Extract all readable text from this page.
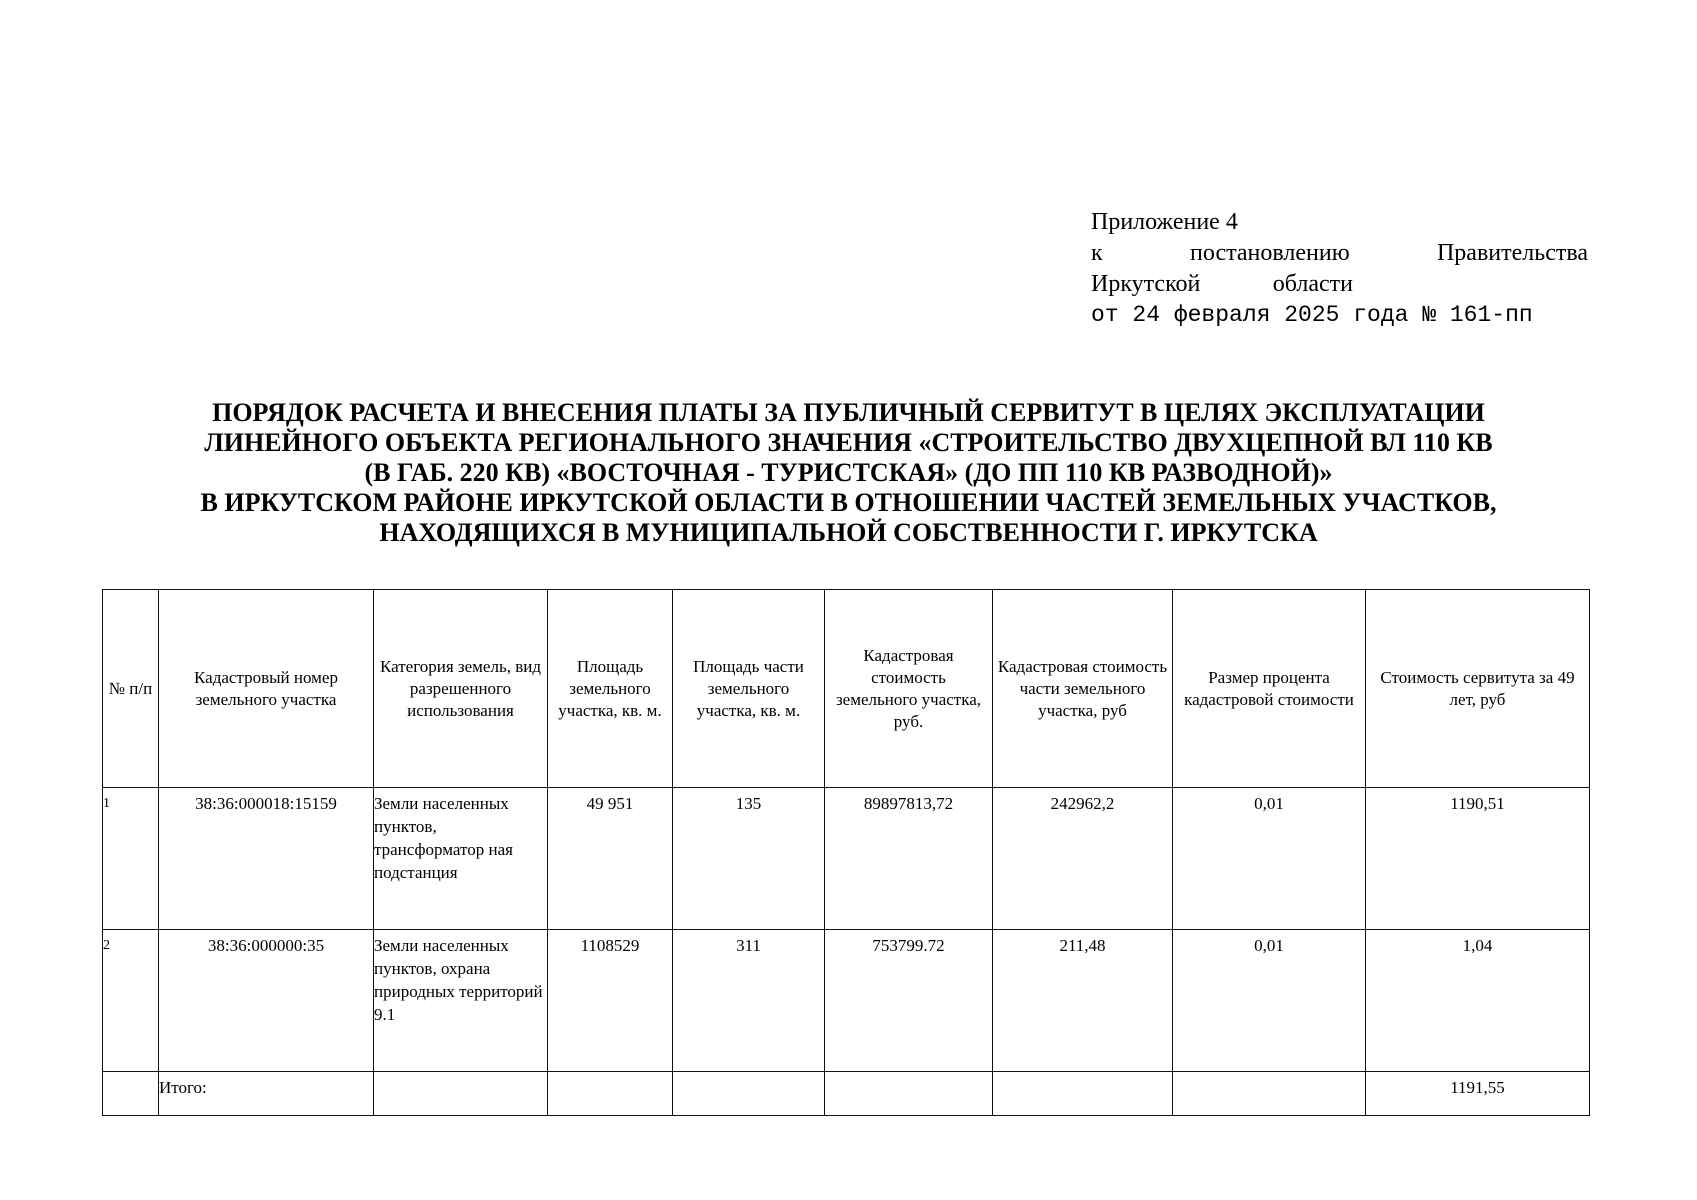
Приложение 4
к постановлению Правительства
Иркутской области
от 24 февраля 2025 года № 161-пп
ПОРЯДОК РАСЧЕТА И ВНЕСЕНИЯ ПЛАТЫ ЗА ПУБЛИЧНЫЙ СЕРВИТУТ В ЦЕЛЯХ ЭКСПЛУАТАЦИИ
ЛИНЕЙНОГО ОБЪЕКТА РЕГИОНАЛЬНОГО ЗНАЧЕНИЯ «СТРОИТЕЛЬСТВО ДВУХЦЕПНОЙ ВЛ 110 КВ
(В ГАБ. 220 КВ) «ВОСТОЧНАЯ - ТУРИСТСКАЯ» (ДО ПП 110 КВ РАЗВОДНОЙ)»
В ИРКУТСКОМ РАЙОНЕ ИРКУТСКОЙ ОБЛАСТИ В ОТНОШЕНИИ ЧАСТЕЙ ЗЕМЕЛЬНЫХ УЧАСТКОВ,
НАХОДЯЩИХСЯ В МУНИЦИПАЛЬНОЙ СОБСТВЕННОСТИ Г. ИРКУТСКА
№ п/п	Кадастровый номер земельного участка	Категория земель, вид разрешенного использования	Площадь земельного участка, кв. м.	Площадь части земельного участка, кв. м.	Кадастровая стоимость земельного участка, руб.	Кадастровая стоимость части земельного участка, руб	Размер процента кадастровой стоимости	Стоимость сервитута за 49 лет, руб
1	38:36:000018:15159	Земли населенных пунктов, трансформатор ная подстанция	49 951	135	89897813,72	242962,2	0,01	1190,51
2	38:36:000000:35	Земли населенных пунктов, охрана природных территорий 9.1	1108529	311	753799.72	211,48	0,01	1,04
	Итого:							1191,55
